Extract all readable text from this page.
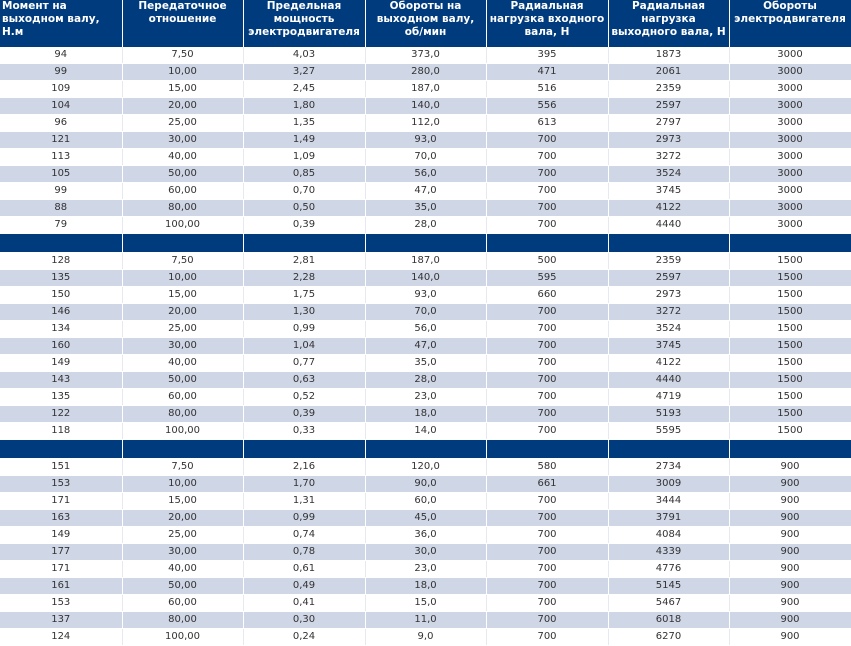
Момент на
выходном валу,
Н.м	Передаточное
отношение	Предельная
мощность
электродвигателя	Обороты на
выходном валу,
об/мин	Радиальная
нагрузка входного
вала, Н	Радиальная
нагрузка
выходного вала, Н	Обороты
электродвигателя
94	7,50	4,03	373,0	395	1873	3000
99	10,00	3,27	280,0	471	2061	3000
109	15,00	2,45	187,0	516	2359	3000
104	20,00	1,80	140,0	556	2597	3000
96	25,00	1,35	112,0	613	2797	3000
121	30,00	1,49	93,0	700	2973	3000
113	40,00	1,09	70,0	700	3272	3000
105	50,00	0,85	56,0	700	3524	3000
99	60,00	0,70	47,0	700	3745	3000
88	80,00	0,50	35,0	700	4122	3000
79	100,00	0,39	28,0	700	4440	3000

128	7,50	2,81	187,0	500	2359	1500
135	10,00	2,28	140,0	595	2597	1500
150	15,00	1,75	93,0	660	2973	1500
146	20,00	1,30	70,0	700	3272	1500
134	25,00	0,99	56,0	700	3524	1500
160	30,00	1,04	47,0	700	3745	1500
149	40,00	0,77	35,0	700	4122	1500
143	50,00	0,63	28,0	700	4440	1500
135	60,00	0,52	23,0	700	4719	1500
122	80,00	0,39	18,0	700	5193	1500
118	100,00	0,33	14,0	700	5595	1500

151	7,50	2,16	120,0	580	2734	900
153	10,00	1,70	90,0	661	3009	900
171	15,00	1,31	60,0	700	3444	900
163	20,00	0,99	45,0	700	3791	900
149	25,00	0,74	36,0	700	4084	900
177	30,00	0,78	30,0	700	4339	900
171	40,00	0,61	23,0	700	4776	900
161	50,00	0,49	18,0	700	5145	900
153	60,00	0,41	15,0	700	5467	900
137	80,00	0,30	11,0	700	6018	900
124	100,00	0,24	9,0	700	6270	900
